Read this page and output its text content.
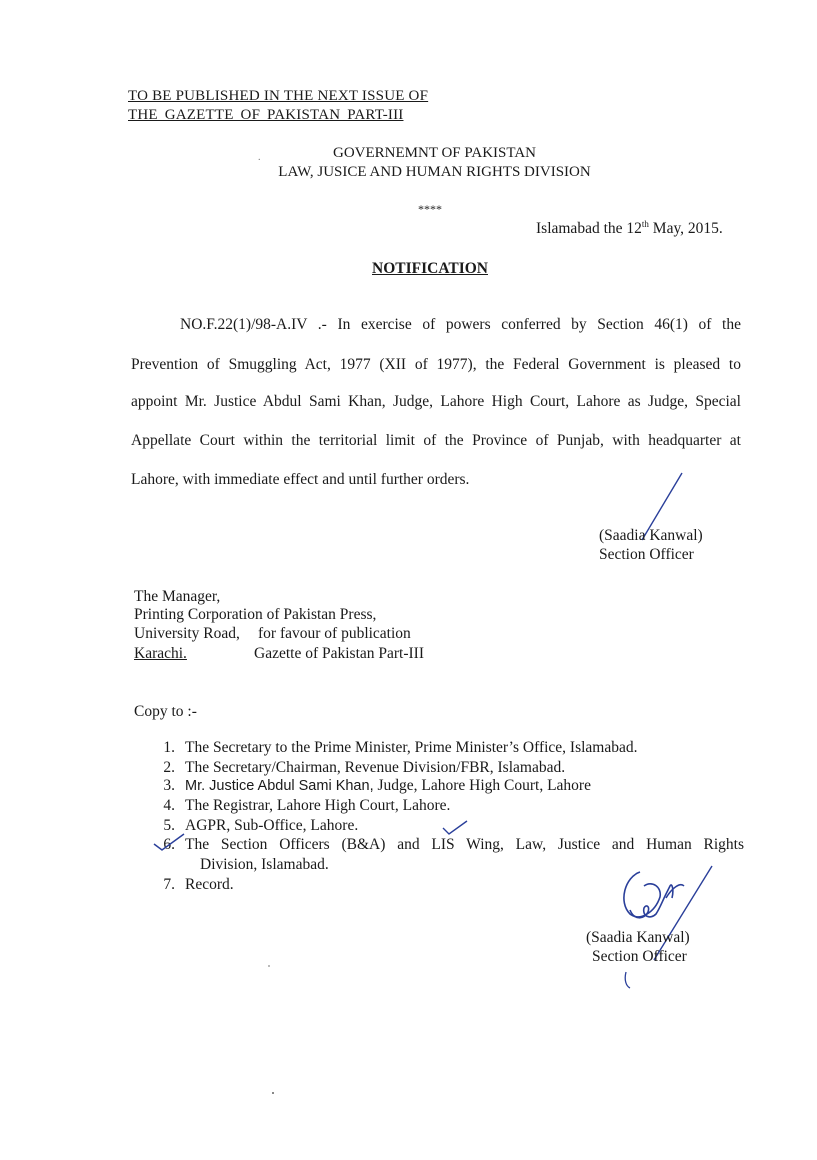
TO BE PUBLISHED IN THE NEXT ISSUE OF
THE GAZETTE OF PAKISTAN PART-III
.	GOVERNEMNT OF PAKISTAN
LAW, JUSICE AND HUMAN RIGHTS DIVISION
****
Islamabad the 12th May, 2015.
NOTIFICATION
NO.F.22(1)/98-A.IV .- In exercise of powers conferred by Section 46(1) of the
Prevention of Smuggling Act, 1977 (XII of 1977), the Federal Government is pleased to
appoint Mr. Justice Abdul Sami Khan, Judge, Lahore High Court, Lahore as Judge, Special
Appellate Court within the territorial limit of the Province of Punjab, with headquarter at
Lahore, with immediate effect and until further orders.
(Saadia Kanwal)
Section Officer
The Manager,
Printing Corporation of Pakistan Press,
University Road, for favour of publication
Karachi.	Gazette of Pakistan Part-III
Copy to :-
1. The Secretary to the Prime Minister, Prime Minister’s Office, Islamabad.
2. The Secretary/Chairman, Revenue Division/FBR, Islamabad.
3. Mr. Justice Abdul Sami Khan, Judge, Lahore High Court, Lahore
4. The Registrar, Lahore High Court, Lahore.
5. AGPR, Sub-Office, Lahore.
6. The Section Officers (B&A) and LIS Wing, Law, Justice and Human Rights
Division, Islamabad.
7. Record.
(Saadia Kanwal)
Section Officer
